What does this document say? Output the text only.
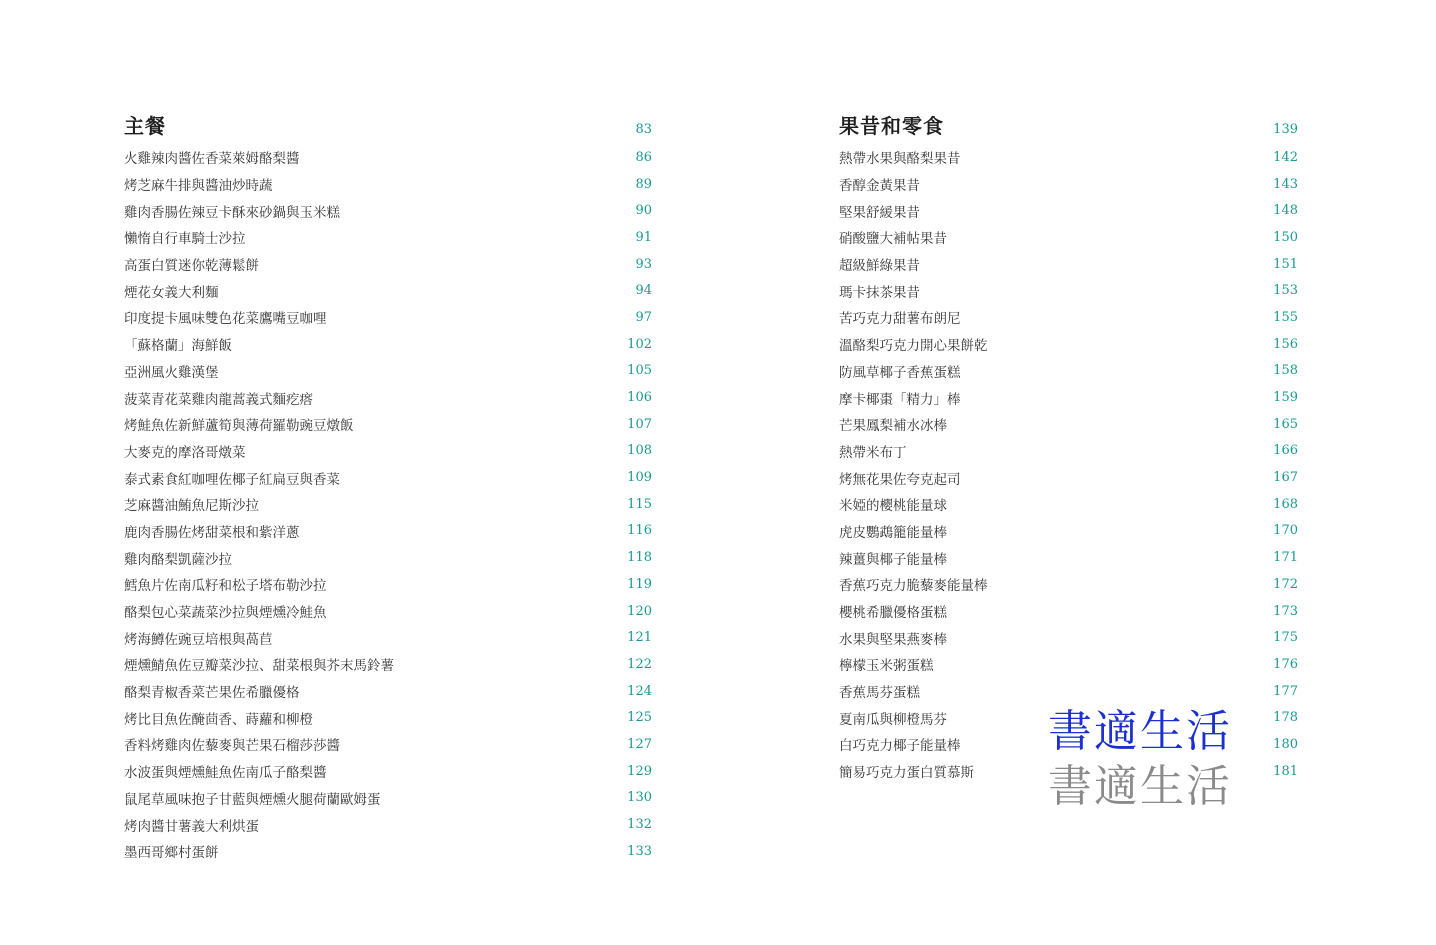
主餐	83
火雞辣肉醬佐香菜萊姆酪梨醬	86
烤芝麻牛排與醬油炒時蔬	89
雞肉香腸佐辣豆卡酥來砂鍋與玉米糕	90
懶惰自行車騎士沙拉	91
高蛋白質迷你乾薄鬆餅	93
煙花女義大利麵	94
印度提卡風味雙色花菜鷹嘴豆咖哩	97
「蘇格蘭」海鮮飯	102
亞洲風火雞漢堡	105
菠菜青花菜雞肉龍蒿義式麵疙瘩	106
烤鮭魚佐新鮮蘆筍與薄荷羅勒豌豆燉飯	107
大麥克的摩洛哥燉菜	108
泰式素食紅咖哩佐椰子紅扁豆與香菜	109
芝麻醬油鮪魚尼斯沙拉	115
鹿肉香腸佐烤甜菜根和紫洋蔥	116
雞肉酪梨凱薩沙拉	118
鱈魚片佐南瓜籽和松子塔布勒沙拉	119
酪梨包心菜蔬菜沙拉與煙燻冷鮭魚	120
烤海鱒佐豌豆培根與萵苣	121
煙燻鯖魚佐豆瓣菜沙拉、甜菜根與芥末馬鈴薯	122
酪梨青椒香菜芒果佐希臘優格	124
烤比目魚佐醃茴香、蒔蘿和柳橙	125
香料烤雞肉佐藜麥與芒果石榴莎莎醬	127
水波蛋與煙燻鮭魚佐南瓜子酪梨醬	129
鼠尾草風味抱子甘藍與煙燻火腿荷蘭歐姆蛋	130
烤肉醬甘薯義大利烘蛋	132
墨西哥鄉村蛋餅	133
果昔和零食	139
熱帶水果與酪梨果昔	142
香醇金黃果昔	143
堅果舒緩果昔	148
硝酸鹽大補帖果昔	150
超級鮮綠果昔	151
瑪卡抹茶果昔	153
苦巧克力甜薯布朗尼	155
溫酪梨巧克力開心果餅乾	156
防風草椰子香蕉蛋糕	158
摩卡椰棗「精力」棒	159
芒果鳳梨補水冰棒	165
熱帶米布丁	166
烤無花果佐夸克起司	167
米婭的櫻桃能量球	168
虎皮鸚鵡籠能量棒	170
辣薑與椰子能量棒	171
香蕉巧克力脆藜麥能量棒	172
櫻桃希臘優格蛋糕	173
水果與堅果燕麥棒	175
檸檬玉米粥蛋糕	176
香蕉馬芬蛋糕	177
夏南瓜與柳橙馬芬	178
白巧克力椰子能量棒	180
簡易巧克力蛋白質慕斯	181
書適生活
書適生活
